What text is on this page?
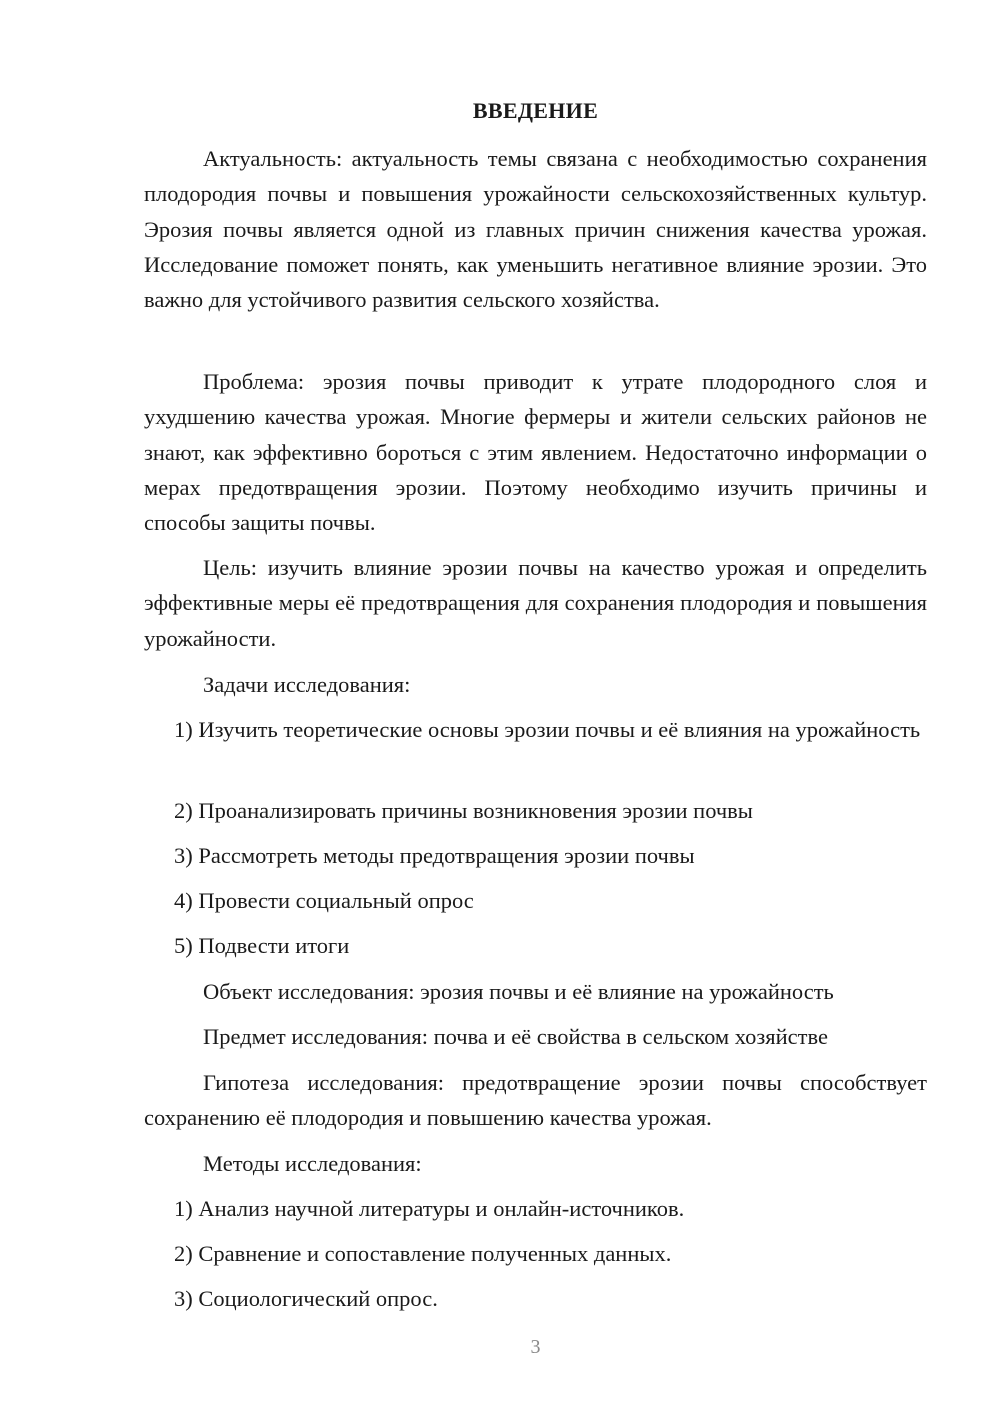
ВВЕДЕНИЕ

Актуальность: актуальность темы связана с необходимостью сохранения плодородия почвы и повышения урожайности сельскохозяйственных культур. Эрозия почвы является одной из главных причин снижения качества урожая. Исследование поможет понять, как уменьшить негативное влияние эрозии. Это важно для устойчивого развития сельского хозяйства.

Проблема: эрозия почвы приводит к утрате плодородного слоя и ухудшению качества урожая. Многие фермеры и жители сельских районов не знают, как эффективно бороться с этим явлением. Недостаточно информации о мерах предотвращения эрозии. Поэтому необходимо изучить причины и способы защиты почвы.

Цель: изучить влияние эрозии почвы на качество урожая и определить эффективные меры её предотвращения для сохранения плодородия и повышения урожайности.

Задачи исследования:

1) Изучить теоретические основы эрозии почвы и её влияния на урожайность

2) Проанализировать причины возникновения эрозии почвы

3) Рассмотреть методы предотвращения эрозии почвы

4) Провести социальный опрос

5) Подвести итоги

Объект исследования: эрозия почвы и её влияние на урожайность

Предмет исследования: почва и её свойства в сельском хозяйстве

Гипотеза исследования: предотвращение эрозии почвы способствует сохранению её плодородия и повышению качества урожая.

Методы исследования:

1) Анализ научной литературы и онлайн-источников.

2) Сравнение и сопоставление полученных данных.

3) Социологический опрос.

3
